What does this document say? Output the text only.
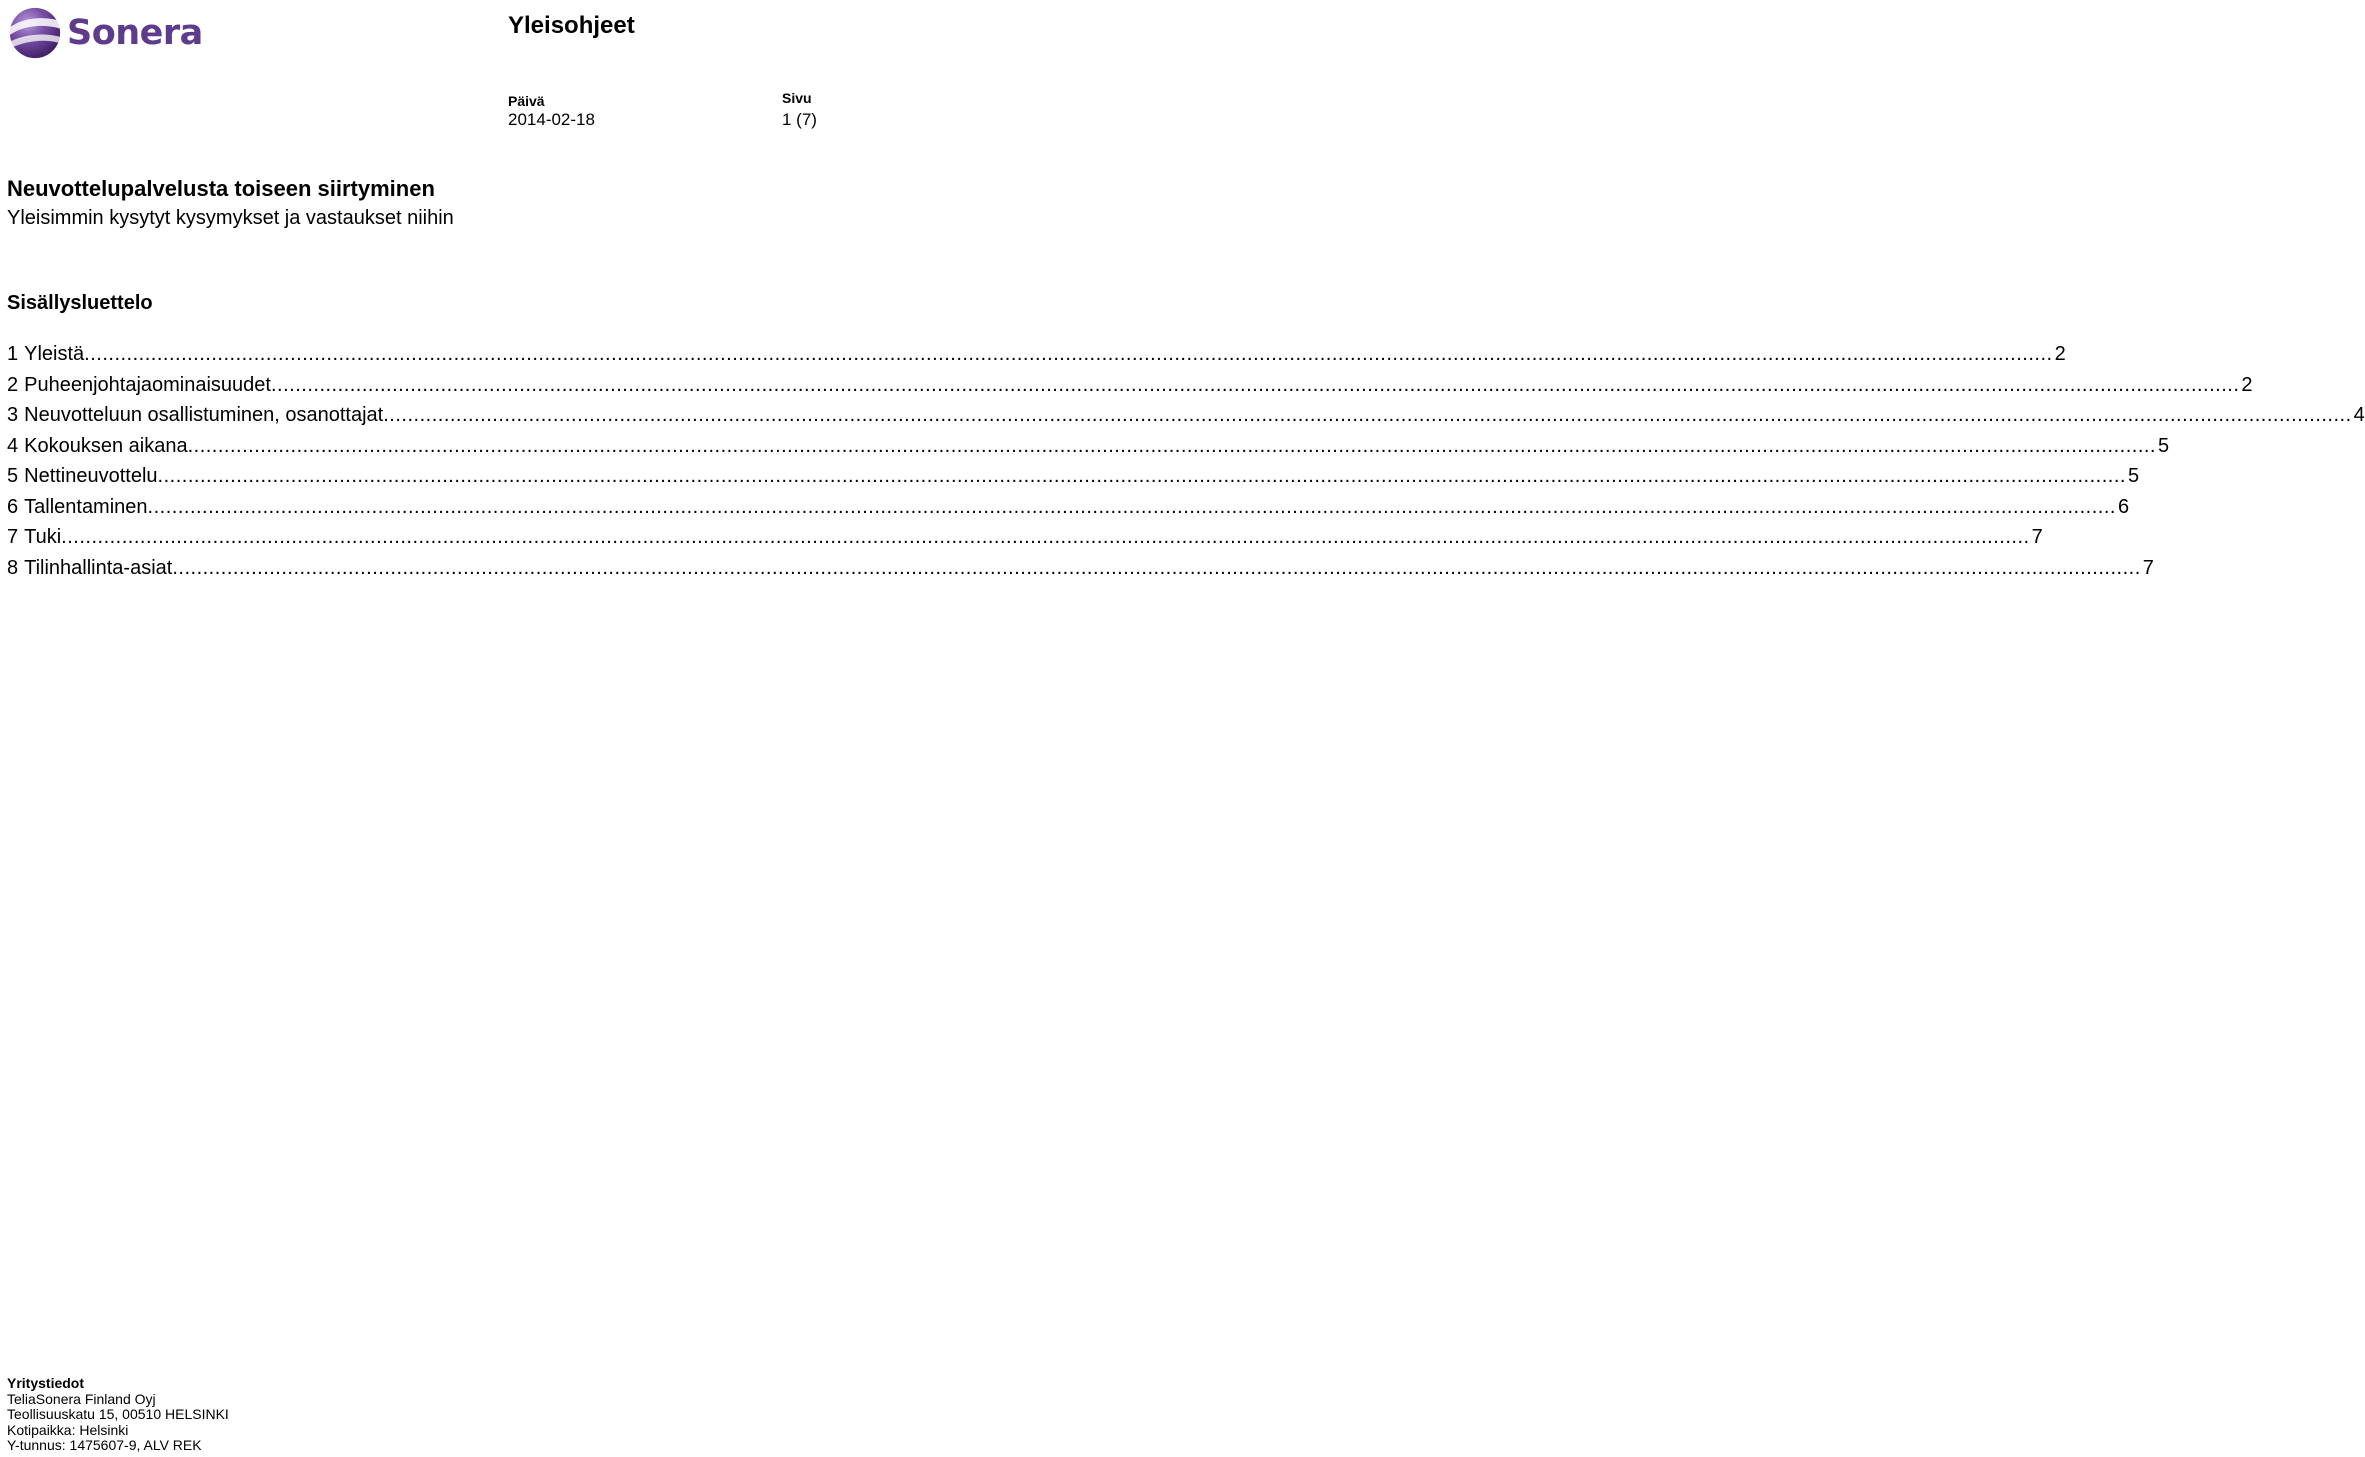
Sonera	Yleisohjeet
Päivä
2014-02-18
Sivu
1 (7)
Neuvottelupalvelusta toiseen siirtyminen
Yleisimmin kysytyt kysymykset ja vastaukset niihin
Sisällysluettelo
1 Yleistä .....	2
2 Puheenjohtajaominaisuudet .....	2
3 Neuvotteluun osallistuminen, osanottajat .....	4
4 Kokouksen aikana .....	5
5 Nettineuvottelu .....	5
6 Tallentaminen .....	6
7 Tuki .....	7
8 Tilinhallinta-asiat .....	7
Yritystiedot
TeliaSonera Finland Oyj
Teollisuuskatu 15, 00510 HELSINKI
Kotipaikka: Helsinki
Y-tunnus: 1475607-9, ALV REK
